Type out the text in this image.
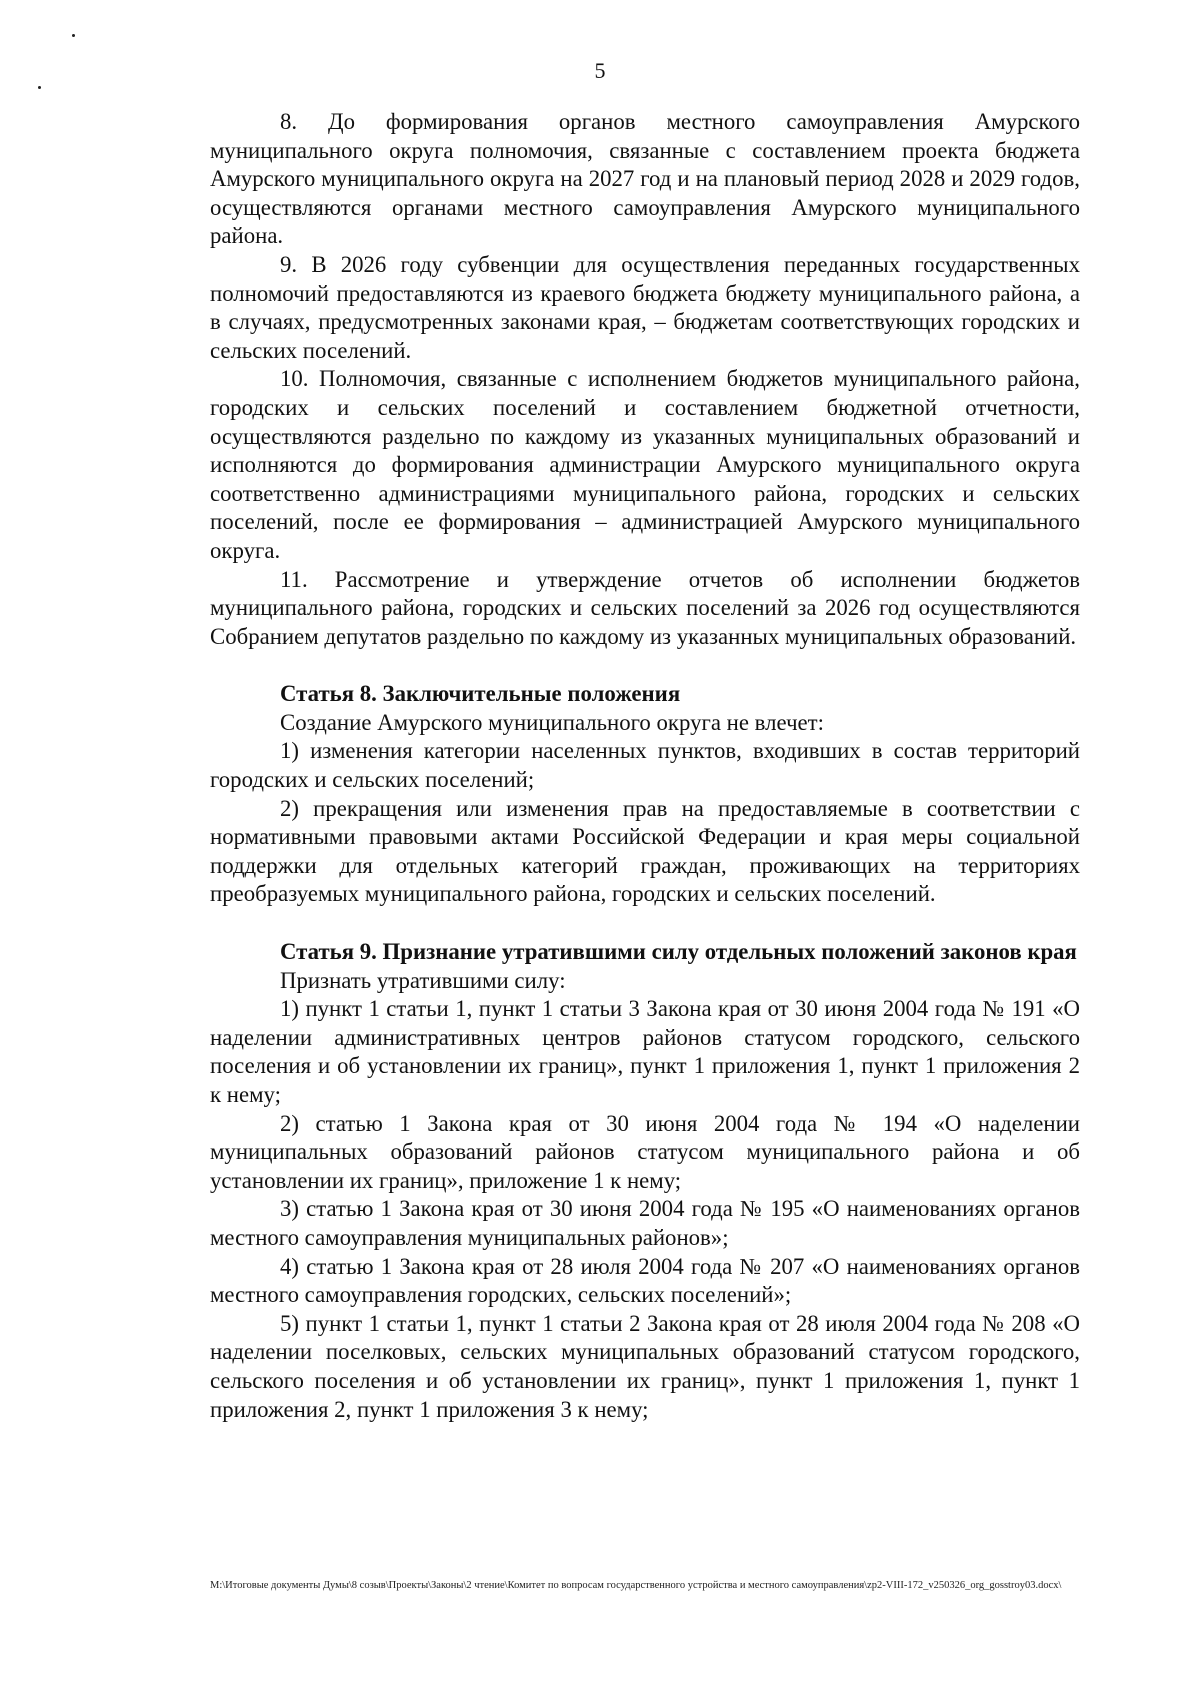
5

8. До формирования органов местного самоуправления Амурского муниципального округа полномочия, связанные с составлением проекта бюджета Амурского муниципального округа на 2027 год и на плановый период 2028 и 2029 годов, осуществляются органами местного самоуправления Амурского муниципального района.

9. В 2026 году субвенции для осуществления переданных государственных полномочий предоставляются из краевого бюджета бюджету муниципального района, а в случаях, предусмотренных законами края, – бюджетам соответствующих городских и сельских поселений.

10. Полномочия, связанные с исполнением бюджетов муниципального района, городских и сельских поселений и составлением бюджетной отчетности, осуществляются раздельно по каждому из указанных муниципальных образований и исполняются до формирования администрации Амурского муниципального округа соответственно администрациями муниципального района, городских и сельских поселений, после ее формирования – администрацией Амурского муниципального округа.

11. Рассмотрение и утверждение отчетов об исполнении бюджетов муниципального района, городских и сельских поселений за 2026 год осуществляются Собранием депутатов раздельно по каждому из указанных муниципальных образований.

Статья 8. Заключительные положения

Создание Амурского муниципального округа не влечет:

1) изменения категории населенных пунктов, входивших в состав территорий городских и сельских поселений;

2) прекращения или изменения прав на предоставляемые в соответствии с нормативными правовыми актами Российской Федерации и края меры социальной поддержки для отдельных категорий граждан, проживающих на территориях преобразуемых муниципального района, городских и сельских поселений.

Статья 9. Признание утратившими силу отдельных положений законов края

Признать утратившими силу:

1) пункт 1 статьи 1, пункт 1 статьи 3 Закона края от 30 июня 2004 года № 191 «О наделении административных центров районов статусом городского, сельского поселения и об установлении их границ», пункт 1 приложения 1, пункт 1 приложения 2 к нему;

2) статью 1 Закона края от 30 июня 2004 года № 194 «О наделении муниципальных образований районов статусом муниципального района и об установлении их границ», приложение 1 к нему;

3) статью 1 Закона края от 30 июня 2004 года № 195 «О наименованиях органов местного самоуправления муниципальных районов»;

4) статью 1 Закона края от 28 июля 2004 года № 207 «О наименованиях органов местного самоуправления городских, сельских поселений»;

5) пункт 1 статьи 1, пункт 1 статьи 2 Закона края от 28 июля 2004 года № 208 «О наделении поселковых, сельских муниципальных образований статусом городского, сельского поселения и об установлении их границ», пункт 1 приложения 1, пункт 1 приложения 2, пункт 1 приложения 3 к нему;

M:\Итоговые документы Думы\8 созыв\Проекты\Законы\2 чтение\Комитет по вопросам государственного устройства и местного самоуправления\zp2-VIII-172_v250326_org_gosstroy03.docx\
